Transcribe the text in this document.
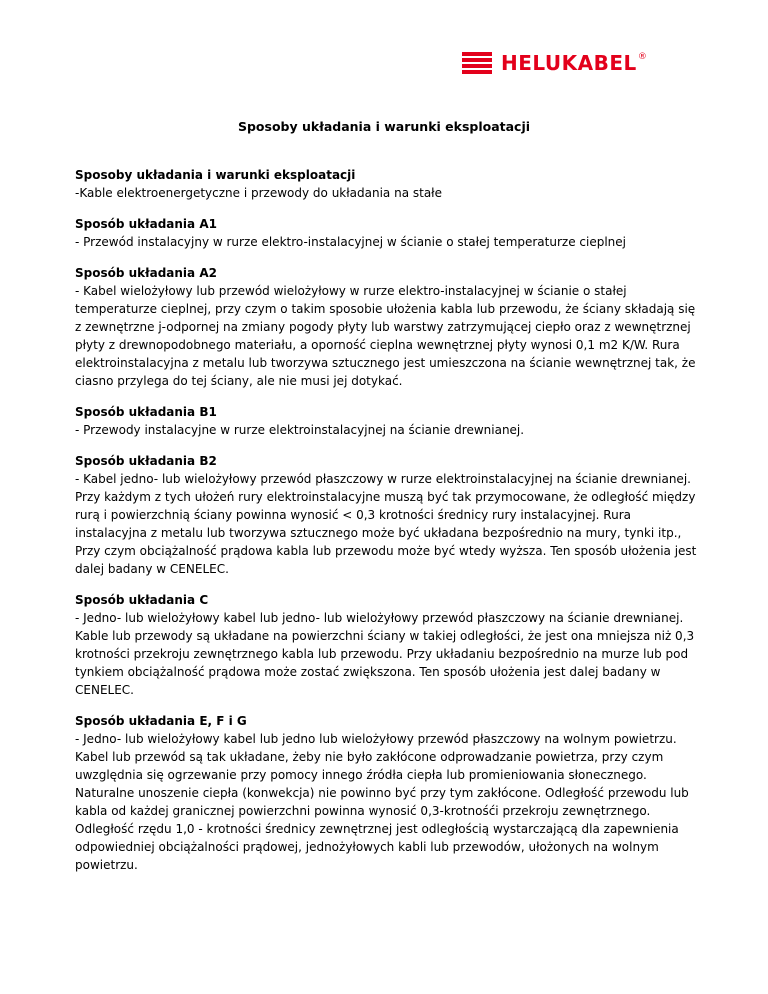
HELUKABEL®
Sposoby układania i warunki eksploatacji
Sposoby układania i warunki eksploatacji

-Kable elektroenergetyczne i przewody do układania na stałe

Sposób układania A1

- Przewód instalacyjny w rurze elektro-instalacyjnej w ścianie o stałej temperaturze cieplnej

Sposób układania A2

- Kabel wielożyłowy lub przewód wielożyłowy w rurze elektro-instalacyjnej w ścianie o stałej temperaturze cieplnej, przy czym o takim sposobie ułożenia kabla lub przewodu, że ściany składają się z zewnętrzne j-odpornej na zmiany pogody płyty lub warstwy zatrzymującej ciepło oraz z wewnętrznej płyty z drewnopodobnego materiału, a oporność cieplna wewnętrznej płyty wynosi 0,1 m2 K/W. Rura elektroinstalacyjna z metalu lub tworzywa sztucznego jest umieszczona na ścianie wewnętrznej tak, że ciasno przylega do tej ściany, ale nie musi jej dotykać.

Sposób układania B1

- Przewody instalacyjne w rurze elektroinstalacyjnej na ścianie drewnianej.

Sposób układania B2

- Kabel jedno- lub wielożyłowy przewód płaszczowy w rurze elektroinstalacyjnej na ścianie drewnianej. Przy każdym z tych ułożeń rury elektroinstalacyjne muszą być tak przymocowane, że odległość między rurą i powierzchnią ściany powinna wynosić < 0,3 krotności średnicy rury instalacyjnej. Rura instalacyjna z metalu lub tworzywa sztucznego może być układana bezpośrednio na mury, tynki itp., Przy czym obciążalność prądowa kabla lub przewodu może być wtedy wyższa. Ten sposób ułożenia jest dalej badany w CENELEC.

Sposób układania C

- Jedno- lub wielożyłowy kabel lub jedno- lub wielożyłowy przewód płaszczowy na ścianie drewnianej. Kable lub przewody są układane na powierzchni ściany w takiej odległości, że jest ona mniejsza niż 0,3 krotności przekroju zewnętrznego kabla lub przewodu. Przy układaniu bezpośrednio na murze lub pod tynkiem obciążalność prądowa może zostać zwiększona. Ten sposób ułożenia jest dalej badany w CENELEC.

Sposób układania E, F i G

- Jedno- lub wielożyłowy kabel lub jedno lub wielożyłowy przewód płaszczowy na wolnym powietrzu. Kabel lub przewód są tak układane, żeby nie było zakłócone odprowadzanie powietrza, przy czym uwzględnia się ogrzewanie przy pomocy innego źródła ciepła lub promieniowania słonecznego. Naturalne unoszenie ciepła (konwekcja) nie powinno być przy tym zakłócone. Odległość przewodu lub kabla od każdej granicznej powierzchni powinna wynosić 0,3-krotnośći przekroju zewnętrznego. Odległość rzędu 1,0 - krotności średnicy zewnętrznej jest odległością wystarczającą dla zapewnienia odpowiedniej obciążalności prądowej, jednożyłowych kabli lub przewodów, ułożonych na wolnym powietrzu.
